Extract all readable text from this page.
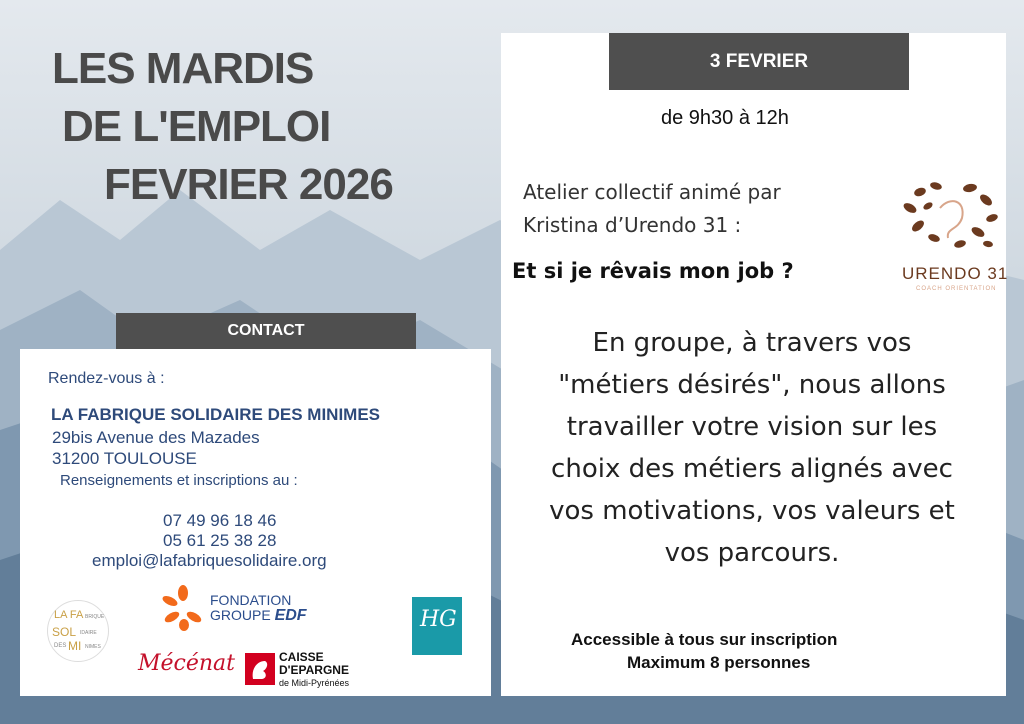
LES MARDIS
DE L'EMPLOI
FEVRIER 2026
CONTACT
Rendez-vous à :
LA FABRIQUE SOLIDAIRE DES MINIMES
29bis Avenue des Mazades
31200 TOULOUSE
Renseignements et inscriptions au :
07 49 96 18 46
05 61 25 38 28
emploi@lafabriquesolidaire.org
LA FA BRIQUE
SOL IDAIRE
DES MI NIMES
FONDATION
GROUPE EDF
Mécénat	CAISSE
D'EPARGNE
de Midi-Pyrénées
HG
3 FEVRIER
de 9h30 à 12h
Atelier collectif animé par
Kristina d’Urendo 31 :
Et si je rêvais mon job ?	URENDO 31
COACH ORIENTATION
En groupe, à travers vos
"métiers désirés", nous allons
travailler votre vision sur les
choix des métiers alignés avec
vos motivations, vos valeurs et
vos parcours.
Accessible à tous sur inscription
Maximum 8 personnes
